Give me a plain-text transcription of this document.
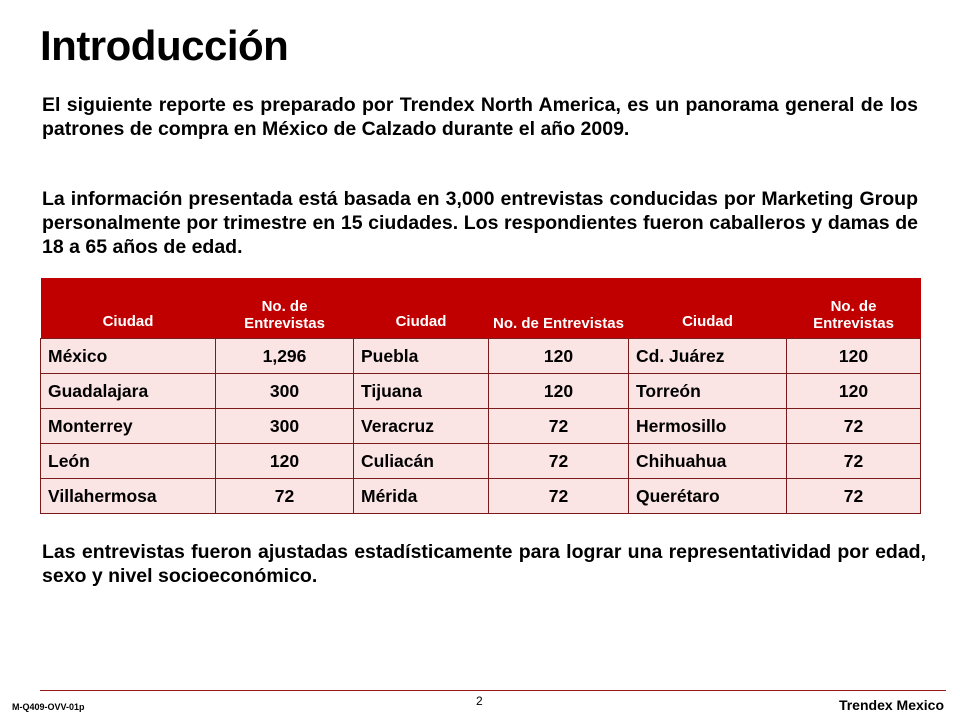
Introducción

El siguiente reporte es preparado por Trendex North America, es un panorama general de los patrones de compra en México de Calzado durante el año 2009.

La información presentada está basada en 3,000 entrevistas conducidas por Marketing Group personalmente por trimestre en 15 ciudades. Los respondientes fueron caballeros y damas de 18 a 65 años de edad.

Ciudad	No. de Entrevistas	Ciudad	No. de Entrevistas	Ciudad	No. de Entrevistas
México	1,296	Puebla	120	Cd. Juárez	120
Guadalajara	300	Tijuana	120	Torreón	120
Monterrey	300	Veracruz	72	Hermosillo	72
León	120	Culiacán	72	Chihuahua	72
Villahermosa	72	Mérida	72	Querétaro	72

Las entrevistas fueron ajustadas estadísticamente para lograr una representatividad por edad, sexo y nivel socioeconómico.

M-Q409-OVV-01p	2	Trendex Mexico
